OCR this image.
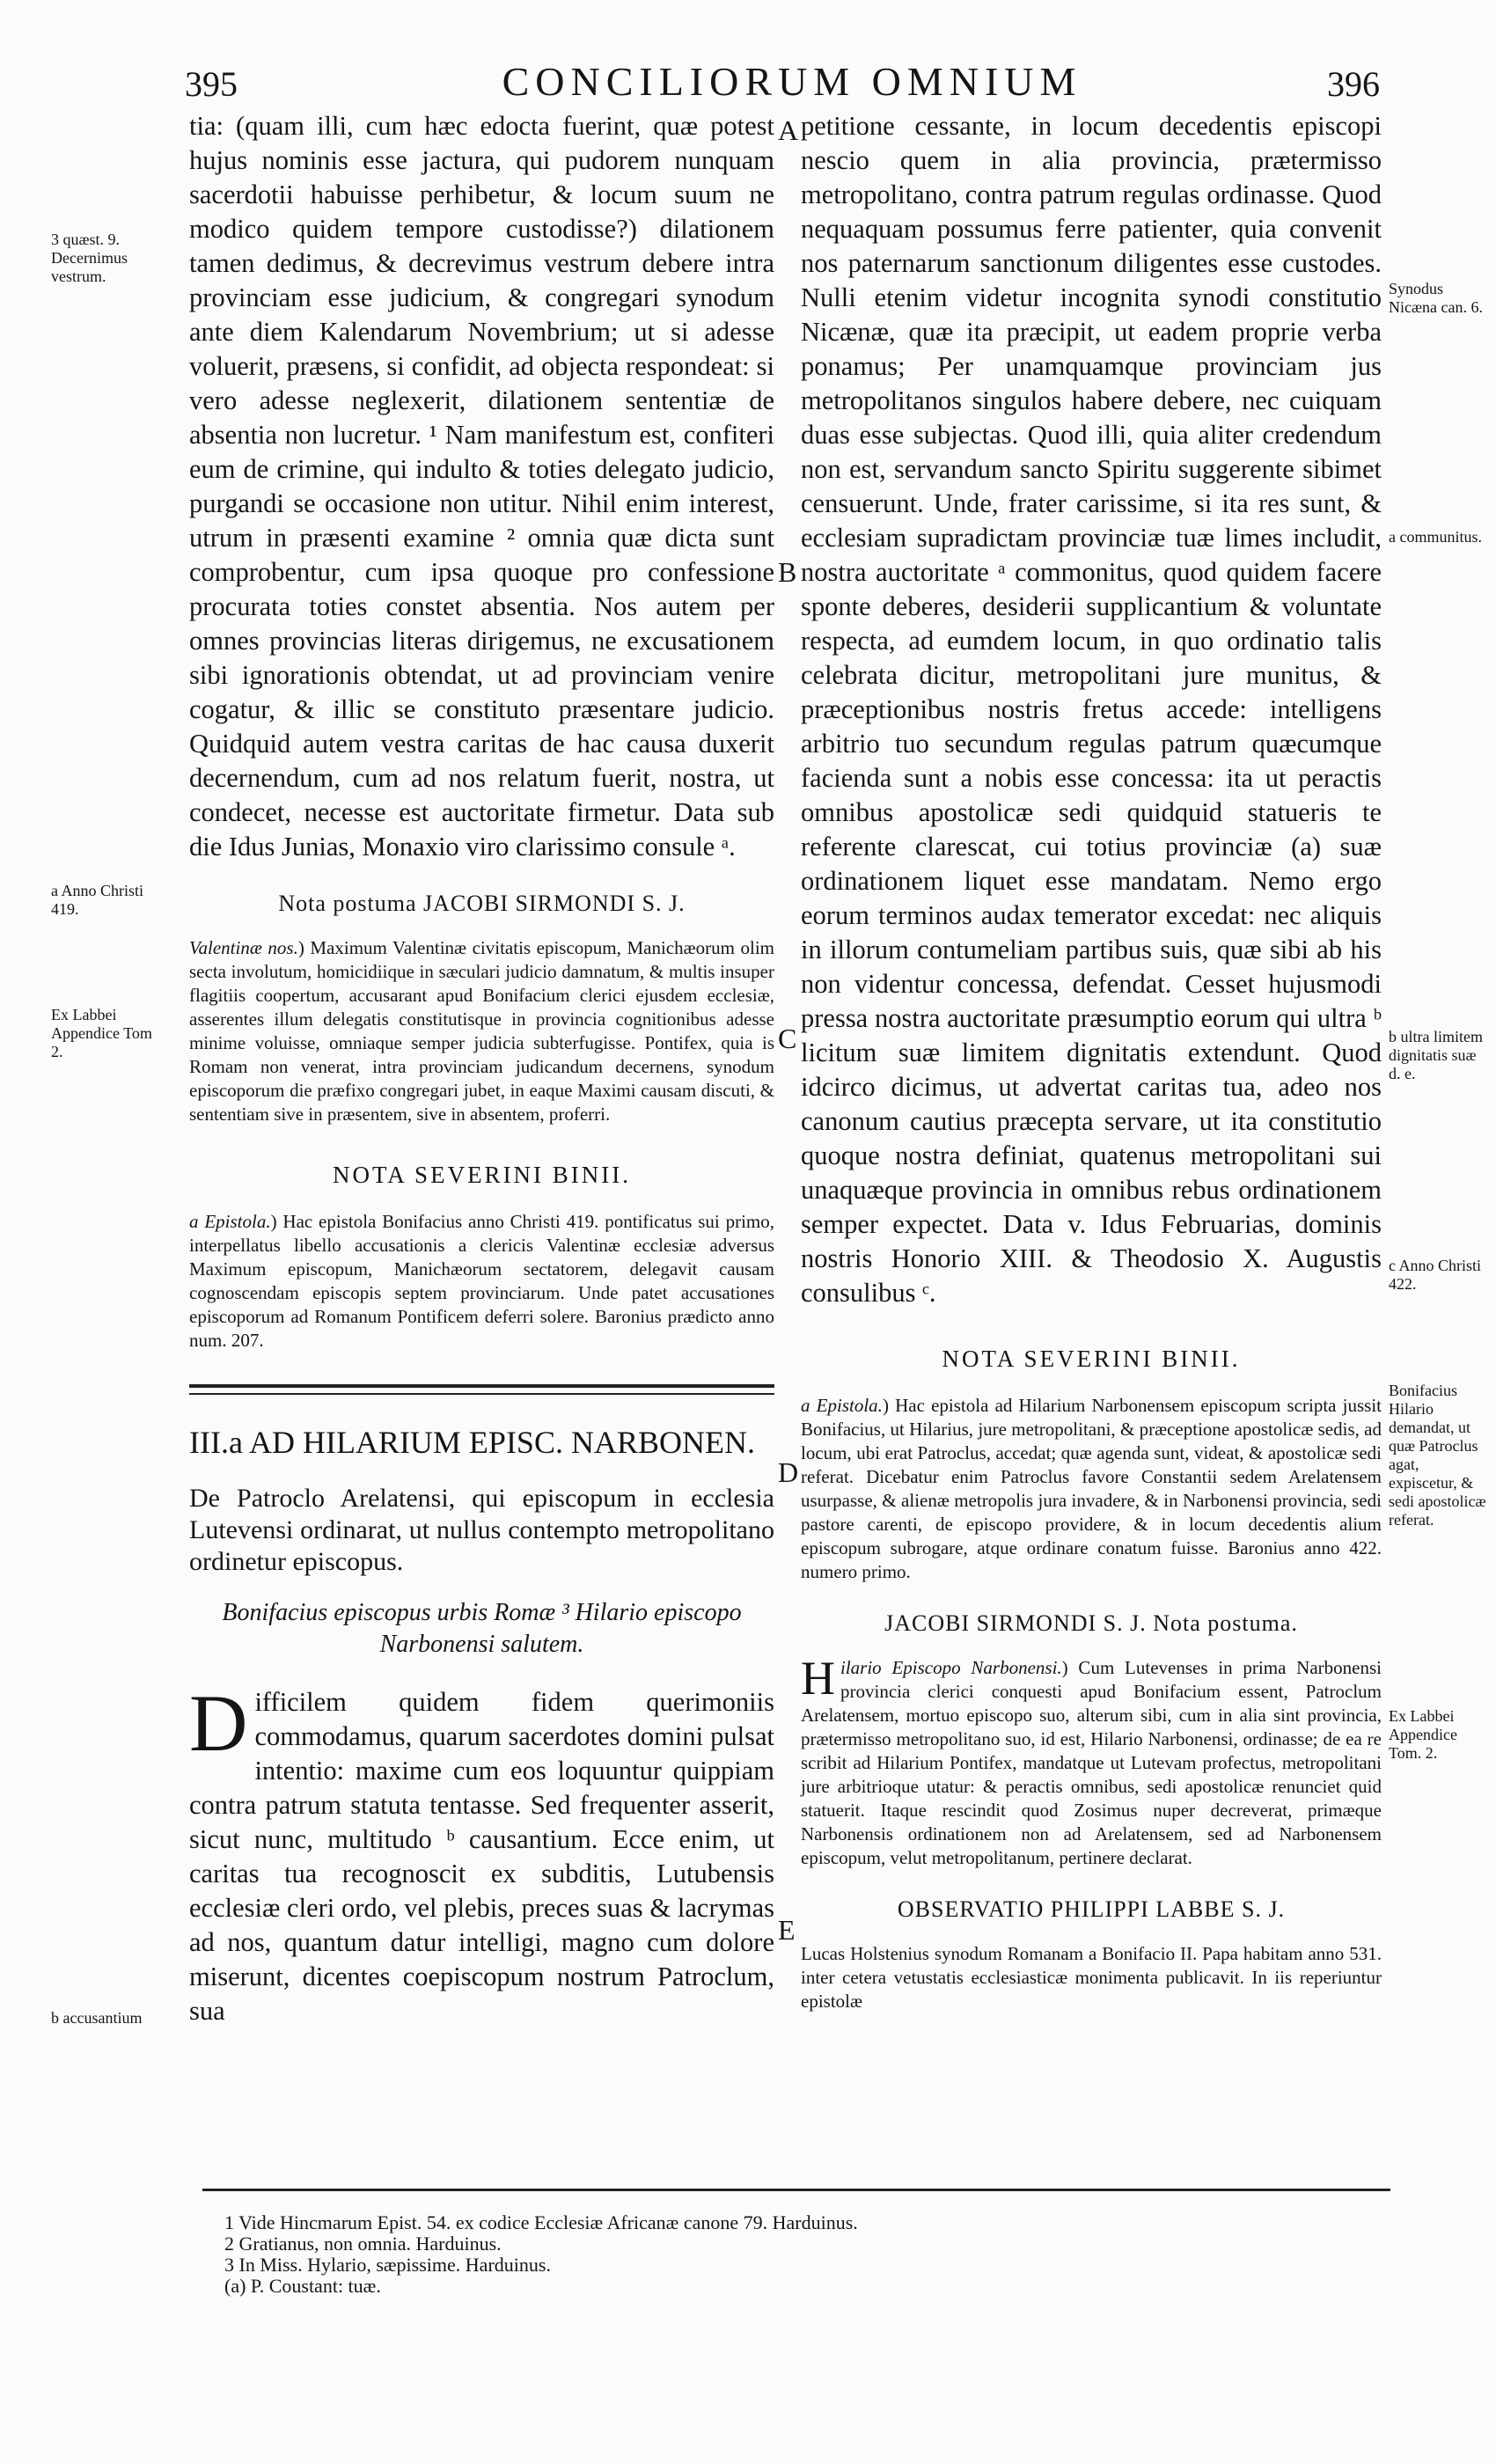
395	CONCILIORUM OMNIUM	396

tia: (quam illi, cum hæc edocta fuerint, quæ potest hujus nominis esse jactura, qui pudorem nunquam sacerdotii habuisse perhibetur, & locum suum ne modico quidem tempore custodisse?) dilationem tamen dedimus, & decrevimus vestrum debere intra provinciam esse judicium, & congregari synodum ante diem Kalendarum Novembrium; ut si adesse voluerit, præsens, si confidit, ad objecta respondeat: si vero adesse neglexerit, dilationem sententiæ de absentia non lucretur. ¹ Nam manifestum est, confiteri eum de crimine, qui indulto & toties delegato judicio, purgandi se occasione non utitur. Nihil enim interest, utrum in præsenti examine ² omnia quæ dicta sunt comprobentur, cum ipsa quoque pro confessione procurata toties constet absentia. Nos autem per omnes provincias literas dirigemus, ne excusationem sibi ignorationis obtendat, ut ad provinciam venire cogatur, & illic se constituto præsentare judicio. Quidquid autem vestra caritas de hac causa duxerit decernendum, cum ad nos relatum fuerit, nostra, ut condecet, necesse est auctoritate firmetur. Data sub die Idus Junias, Monaxio viro clarissimo consule ᵃ.

Nota postuma JACOBI SIRMONDI S. J.

Valentinæ nos.) Maximum Valentinæ civitatis episcopum, Manichæorum olim secta involutum, homicidiique in sæculari judicio damnatum, & multis insuper flagitiis coopertum, accusarant apud Bonifacium clerici ejusdem ecclesiæ, asserentes illum delegatis constitutisque in provincia cognitionibus adesse minime voluisse, omniaque semper judicia subterfugisse. Pontifex, quia is Romam non venerat, intra provinciam judicandum decernens, synodum episcoporum die præfixo congregari jubet, in eaque Maximi causam discuti, & sententiam sive in præsentem, sive in absentem, proferri.

NOTA SEVERINI BINII.

a Epistola.) Hac epistola Bonifacius anno Christi 419. pontificatus sui primo, interpellatus libello accusationis a clericis Valentinæ ecclesiæ adversus Maximum episcopum, Manichæorum sectatorem, delegavit causam cognoscendam episcopis septem provinciarum. Unde patet accusationes episcoporum ad Romanum Pontificem deferri solere. Baronius prædicto anno num. 207.

III.a AD HILARIUM EPISC. NARBONEN.

De Patroclo Arelatensi, qui episcopum in ecclesia Lutevensi ordinarat, ut nullus contempto metropolitano ordinetur episcopus.

Bonifacius episcopus urbis Romæ ³ Hilario episcopo Narbonensi salutem.

Difficilem quidem fidem querimoniis commodamus, quarum sacerdotes domini pulsat intentio: maxime cum eos loquuntur quippiam contra patrum statuta tentasse. Sed frequenter asserit, sicut nunc, multitudo ᵇ causantium. Ecce enim, ut caritas tua recognoscit ex subditis, Lutubensis ecclesiæ cleri ordo, vel plebis, preces suas & lacrymas ad nos, quantum datur intelligi, magno cum dolore miserunt, dicentes coepiscopum nostrum Patroclum, sua

petitione cessante, in locum decedentis episcopi nescio quem in alia provincia, prætermisso metropolitano, contra patrum regulas ordinasse. Quod nequaquam possumus ferre patienter, quia convenit nos paternarum sanctionum diligentes esse custodes. Nulli etenim videtur incognita synodi constitutio Nicænæ, quæ ita præcipit, ut eadem proprie verba ponamus; Per unamquamque provinciam jus metropolitanos singulos habere debere, nec cuiquam duas esse subjectas. Quod illi, quia aliter credendum non est, servandum sancto Spiritu suggerente sibimet censuerunt. Unde, frater carissime, si ita res sunt, & ecclesiam supradictam provinciæ tuæ limes includit, nostra auctoritate ᵃ commonitus, quod quidem facere sponte deberes, desiderii supplicantium & voluntate respecta, ad eumdem locum, in quo ordinatio talis celebrata dicitur, metropolitani jure munitus, & præceptionibus nostris fretus accede: intelligens arbitrio tuo secundum regulas patrum quæcumque facienda sunt a nobis esse concessa: ita ut peractis omnibus apostolicæ sedi quidquid statueris te referente clarescat, cui totius provinciæ (a) suæ ordinationem liquet esse mandatam. Nemo ergo eorum terminos audax temerator excedat: nec aliquis in illorum contumeliam partibus suis, quæ sibi ab his non videntur concessa, defendat. Cesset hujusmodi pressa nostra auctoritate præsumptio eorum qui ultra ᵇ licitum suæ limitem dignitatis extendunt. Quod idcirco dicimus, ut advertat caritas tua, adeo nos canonum cautius præcepta servare, ut ita constitutio quoque nostra definiat, quatenus metropolitani sui unaquæque provincia in omnibus rebus ordinationem semper expectet. Data v. Idus Februarias, dominis nostris Honorio XIII. & Theodosio X. Augustis consulibus ᶜ.

NOTA SEVERINI BINII.

a Epistola.) Hac epistola ad Hilarium Narbonensem episcopum scripta jussit Bonifacius, ut Hilarius, jure metropolitani, & præceptione apostolicæ sedis, ad locum, ubi erat Patroclus, accedat; quæ agenda sunt, videat, & apostolicæ sedi referat. Dicebatur enim Patroclus favore Constantii sedem Arelatensem usurpasse, & alienæ metropolis jura invadere, & in Narbonensi provincia, sedi pastore carenti, de episcopo providere, & in locum decedentis alium episcopum subrogare, atque ordinare conatum fuisse. Baronius anno 422. numero primo.

JACOBI SIRMONDI S. J. Nota postuma.

Hilario Episcopo Narbonensi.) Cum Lutevenses in prima Narbonensi provincia clerici conquesti apud Bonifacium essent, Patroclum Arelatensem, mortuo episcopo suo, alterum sibi, cum in alia sint provincia, prætermisso metropolitano suo, id est, Hilario Narbonensi, ordinasse; de ea re scribit ad Hilarium Pontifex, mandatque ut Lutevam profectus, metropolitani jure arbitrioque utatur: & peractis omnibus, sedi apostolicæ renunciet quid statuerit. Itaque rescindit quod Zosimus nuper decreverat, primæque Narbonensis ordinationem non ad Arelatensem, sed ad Narbonensem episcopum, velut metropolitanum, pertinere declarat.

OBSERVATIO PHILIPPI LABBE S. J.

Lucas Holstenius synodum Romanam a Bonifacio II. Papa habitam anno 531. inter cetera vetustatis ecclesiasticæ monimenta publicavit. In iis reperiuntur epistolæ

A
B
C
D
E
3 quæst. 9. Decernimus vestrum.
a Anno Christi 419.
Ex Labbei Appendice Tom 2.
b accusantium
Synodus Nicæna can. 6.
a communitus.
b ultra limitem dignitatis suæ d. e.
c Anno Christi 422.
Bonifacius Hilario demandat, ut quæ Patroclus agat, expiscetur, & sedi apostolicæ referat.
Ex Labbei Appendice Tom. 2.
1 Vide Hincmarum Epist. 54. ex codice Ecclesiæ Africanæ canone 79. Harduinus.
2 Gratianus, non omnia. Harduinus.
3 In Miss. Hylario, sæpissime. Harduinus.
(a) P. Coustant: tuæ.
